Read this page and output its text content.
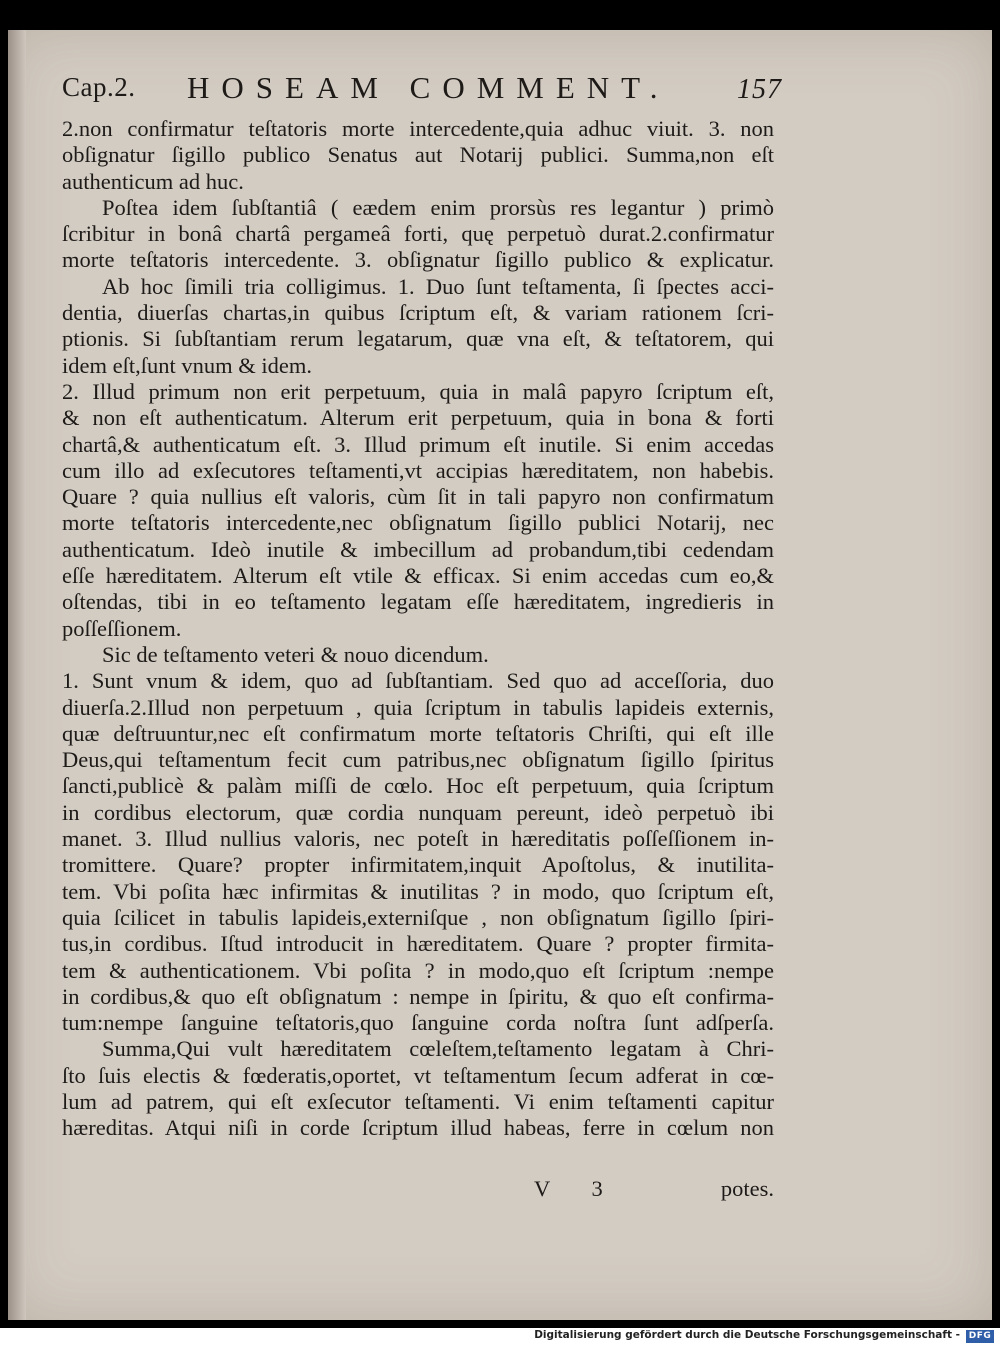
Cap.2. HOSEAM COMMENT. 157
2.non confirmatur teſtatoris morte intercedente,quia adhuc viuit. 3. non
obſignatur ſigillo publico Senatus aut Notarij publici. Summa,non eſt
authenticum ad huc.
Poſtea idem ſubſtantiâ ( eædem enim prorsùs res legantur ) primò
ſcribitur in bonâ chartâ pergameâ forti, quę perpetuò durat.2.confirmatur
morte teſtatoris intercedente. 3. obſignatur ſigillo publico & explicatur.
Ab hoc ſimili tria colligimus. 1. Duo ſunt teſtamenta, ſi ſpectes acci-
dentia, diuerſas chartas,in quibus ſcriptum eſt, & variam rationem ſcri-
ptionis. Si ſubſtantiam rerum legatarum, quæ vna eſt, & teſtatorem, qui
idem eſt,ſunt vnum & idem.
2. Illud primum non erit perpetuum, quia in malâ papyro ſcriptum eſt,
& non eſt authenticatum. Alterum erit perpetuum, quia in bona & forti
chartâ,& authenticatum eſt. 3. Illud primum eſt inutile. Si enim accedas
cum illo ad exſecutores teſtamenti,vt accipias hæreditatem, non habebis.
Quare ? quia nullius eſt valoris, cùm ſit in tali papyro non confirmatum
morte teſtatoris intercedente,nec obſignatum ſigillo publici Notarij, nec
authenticatum. Ideò inutile & imbecillum ad probandum,tibi cedendam
eſſe hæreditatem. Alterum eſt vtile & efficax. Si enim accedas cum eo,&
oſtendas, tibi in eo teſtamento legatam eſſe hæreditatem, ingredieris in
poſſeſſionem.
Sic de teſtamento veteri & nouo dicendum.
1. Sunt vnum & idem, quo ad ſubſtantiam. Sed quo ad acceſſoria, duo
diuerſa.2.Illud non perpetuum , quia ſcriptum in tabulis lapideis externis,
quæ deſtruuntur,nec eſt confirmatum morte teſtatoris Chriſti, qui eſt ille
Deus,qui teſtamentum fecit cum patribus,nec obſignatum ſigillo ſpiritus
ſancti,publicè & palàm miſſi de cœlo. Hoc eſt perpetuum, quia ſcriptum
in cordibus electorum, quæ cordia nunquam pereunt, ideò perpetuò ibi
manet. 3. Illud nullius valoris, nec poteſt in hæreditatis poſſeſſionem in-
tromittere. Quare? propter infirmitatem,inquit Apoſtolus, & inutilita-
tem. Vbi poſita hæc infirmitas & inutilitas ? in modo, quo ſcriptum eſt,
quia ſcilicet in tabulis lapideis,externiſque , non obſignatum ſigillo ſpiri-
tus,in cordibus. Iſtud introducit in hæreditatem. Quare ? propter firmita-
tem & authenticationem. Vbi poſita ? in modo,quo eſt ſcriptum :nempe
in cordibus,& quo eſt obſignatum : nempe in ſpiritu, & quo eſt confirma-
tum:nempe ſanguine teſtatoris,quo ſanguine corda noſtra ſunt adſperſa.
Summa,Qui vult hæreditatem cœleſtem,teſtamento legatam à Chri-
ſto ſuis electis & fœderatis,oportet, vt teſtamentum ſecum adferat in cœ-
lum ad patrem, qui eſt exſecutor teſtamenti. Vi enim teſtamenti capitur
hæreditas. Atqui niſi in corde ſcriptum illud habeas, ferre in cœlum non
V 3	potes.
Digitalisierung gefördert durch die Deutsche Forschungsgemeinschaft - DFG
